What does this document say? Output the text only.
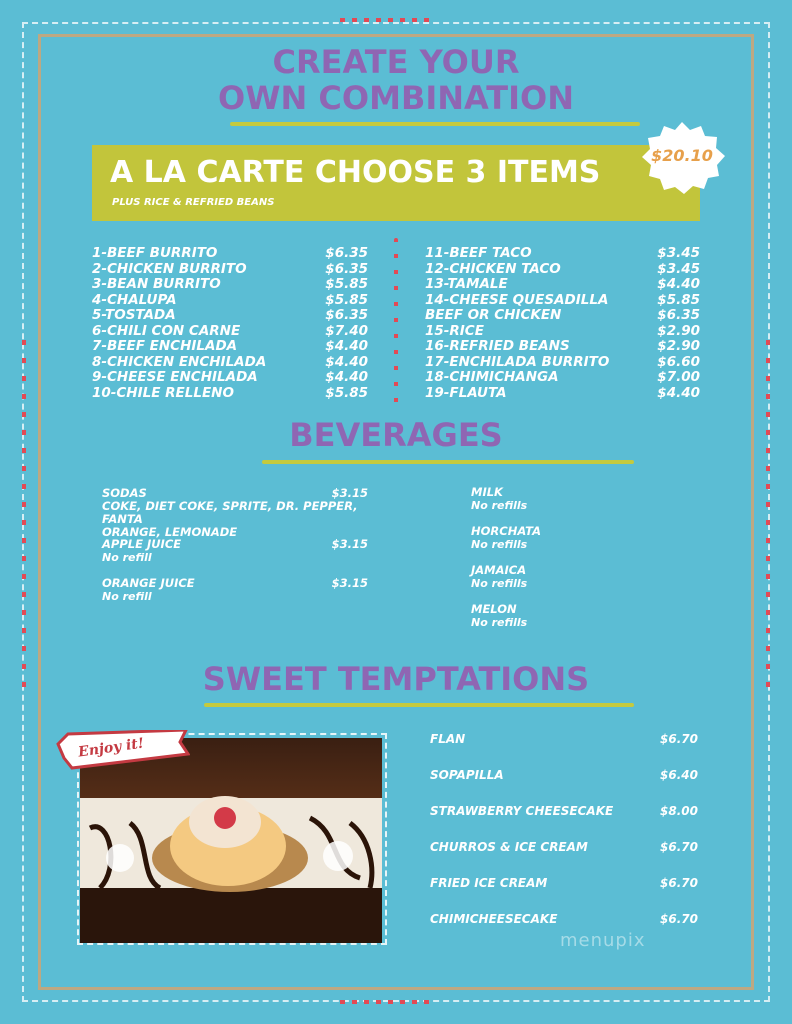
CREATE YOUR
OWN COMBINATION
A LA CARTE CHOOSE 3 ITEMS
PLUS RICE & REFRIED BEANS
$20.10
1-BEEF BURRITO	$6.35
2-CHICKEN BURRITO	$6.35
3-BEAN BURRITO	$5.85
4-CHALUPA	$5.85
5-TOSTADA	$6.35
6-CHILI CON CARNE	$7.40
7-BEEF ENCHILADA	$4.40
8-CHICKEN ENCHILADA	$4.40
9-CHEESE ENCHILADA	$4.40
10-CHILE RELLENO	$5.85
11-BEEF TACO	$3.45
12-CHICKEN TACO	$3.45
13-TAMALE	$4.40
14-CHEESE QUESADILLA	$5.85
BEEF OR CHICKEN	$6.35
15-RICE	$2.90
16-REFRIED BEANS	$2.90
17-ENCHILADA BURRITO	$6.60
18-CHIMICHANGA	$7.00
19-FLAUTA	$4.40
BEVERAGES
SODAS	$3.15
COKE, DIET COKE, SPRITE, DR. PEPPER, FANTA
ORANGE, LEMONADE
APPLE JUICE	$3.15
No refill
ORANGE JUICE	$3.15
No refill
MILK
No refills
HORCHATA
No refills
JAMAICA
No refills
MELON
No refills
SWEET TEMPTATIONS
Enjoy it!	FLAN	$6.70
SOPAPILLA	$6.40
STRAWBERRY CHEESECAKE	$8.00
CHURROS & ICE CREAM	$6.70
FRIED ICE CREAM	$6.70
CHIMICHEESECAKE	$6.70
menupix
